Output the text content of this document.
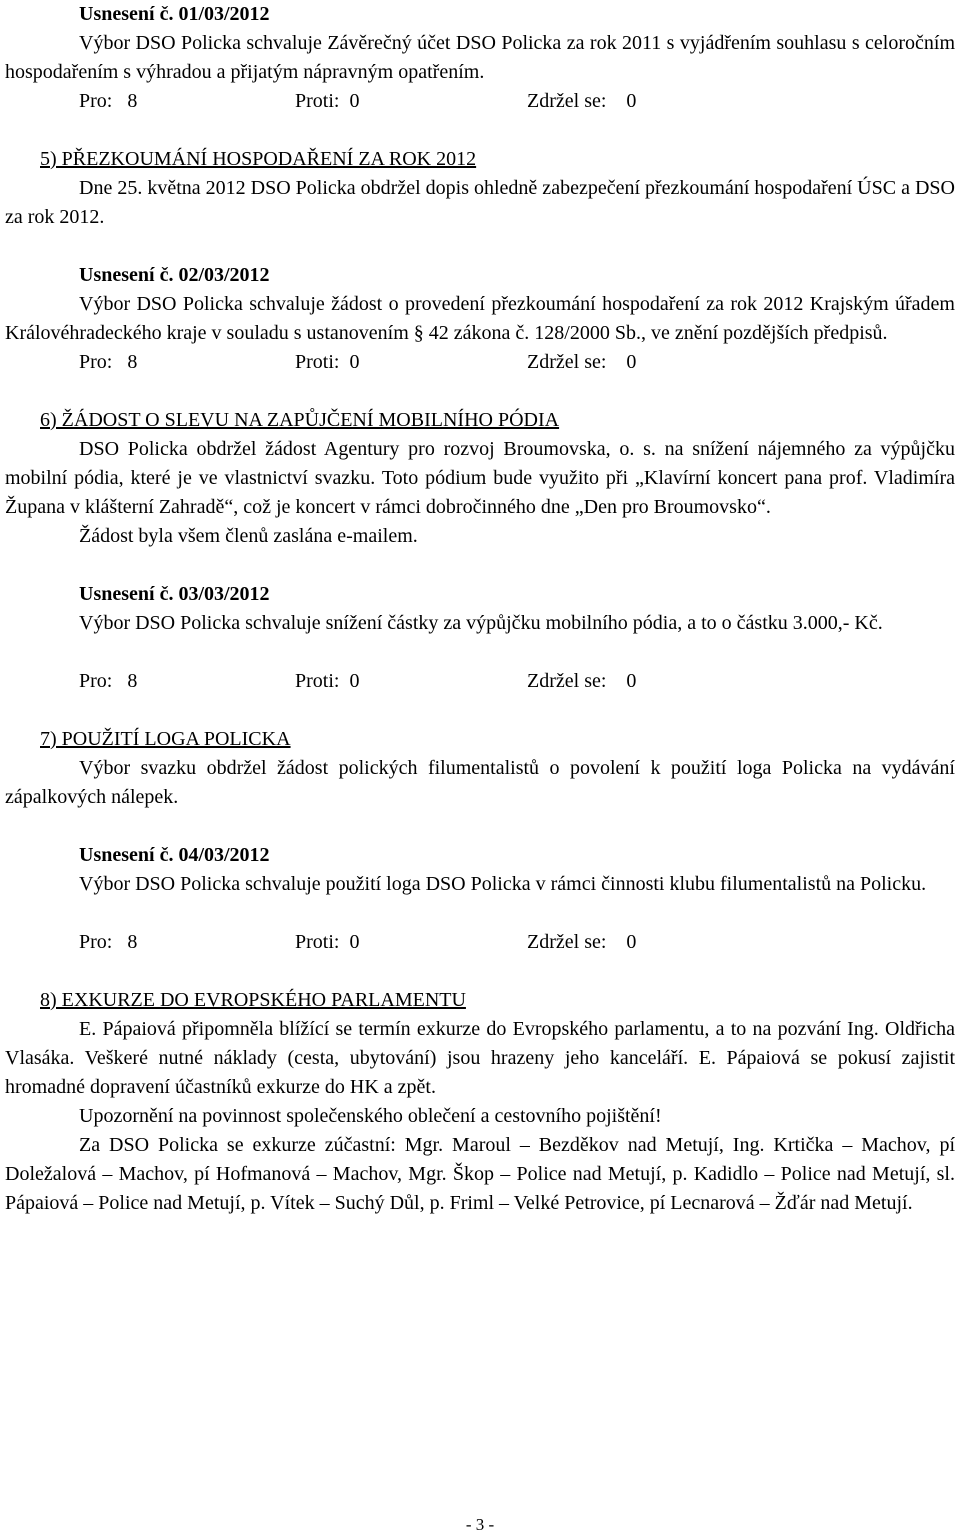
Usnesení č. 01/03/2012
Výbor DSO Policka schvaluje Závěrečný účet DSO Policka za rok 2011 s vyjádřením souhlasu s celoročním hospodařením s výhradou a přijatým nápravným opatřením.
Pro:   8	Proti:  0	Zdržel se:    0
5) PŘEZKOUMÁNÍ HOSPODAŘENÍ ZA ROK 2012
Dne 25. května 2012 DSO Policka obdržel dopis ohledně zabezpečení přezkoumání hospodaření ÚSC a DSO za rok 2012.
Usnesení č. 02/03/2012
Výbor DSO Policka schvaluje žádost o provedení přezkoumání hospodaření za rok 2012 Krajským úřadem Královéhradeckého kraje v souladu s ustanovením § 42 zákona č. 128/2000 Sb., ve znění pozdějších předpisů.
Pro:   8	Proti:  0	Zdržel se:    0
6) ŽÁDOST O SLEVU NA ZAPŮJČENÍ MOBILNÍHO PÓDIA
DSO Policka obdržel žádost Agentury pro rozvoj Broumovska, o. s. na snížení nájemného za výpůjčku mobilní pódia, které je ve vlastnictví svazku. Toto pódium bude využito při „Klavírní koncert pana prof. Vladimíra Županа v klášterní Zahradě“, což je koncert v rámci dobročinného dne „Den pro Broumovsko“.
Žádost byla všem členů zaslána e-mailem.
Usnesení č. 03/03/2012
Výbor DSO Policka schvaluje snížení částky za výpůjčku mobilního pódia, a to o částku 3.000,- Kč.
Pro:   8	Proti:  0	Zdržel se:    0
7) POUŽITÍ LOGA POLICKA
Výbor svazku obdržel žádost polických filumentalistů o povolení k použití loga Policka na vydávání zápalkových nálepek.
Usnesení č. 04/03/2012
Výbor DSO Policka schvaluje použití loga DSO Policka v rámci činnosti klubu filumentalistů na Policku.
Pro:   8	Proti:  0	Zdržel se:    0
8) EXKURZE DO EVROPSKÉHO PARLAMENTU
E. Pápaiová připomněla blížící se termín exkurze do Evropského parlamentu, a to na pozvání Ing. Oldřicha Vlasáka. Veškeré nutné náklady (cesta, ubytování) jsou hrazeny jeho kanceláří. E. Pápaiová se pokusí zajistit hromadné dopravení účastníků exkurze do HK a zpět.
Upozornění na povinnost společenského oblečení a cestovního pojištění!
Za DSO Policka se exkurze zúčastní: Mgr. Maroul – Bezděkov nad Metují, Ing. Krtička – Machov, pí Doležalová – Machov, pí Hofmanová – Machov, Mgr. Škop – Police nad Metují, p. Kadidlo – Police nad Metují, sl. Pápaiová – Police nad Metují, p. Vítek – Suchý Důl, p. Friml – Velké Petrovice, pí Lecnarová – Žďár nad Metují.
- 3 -
